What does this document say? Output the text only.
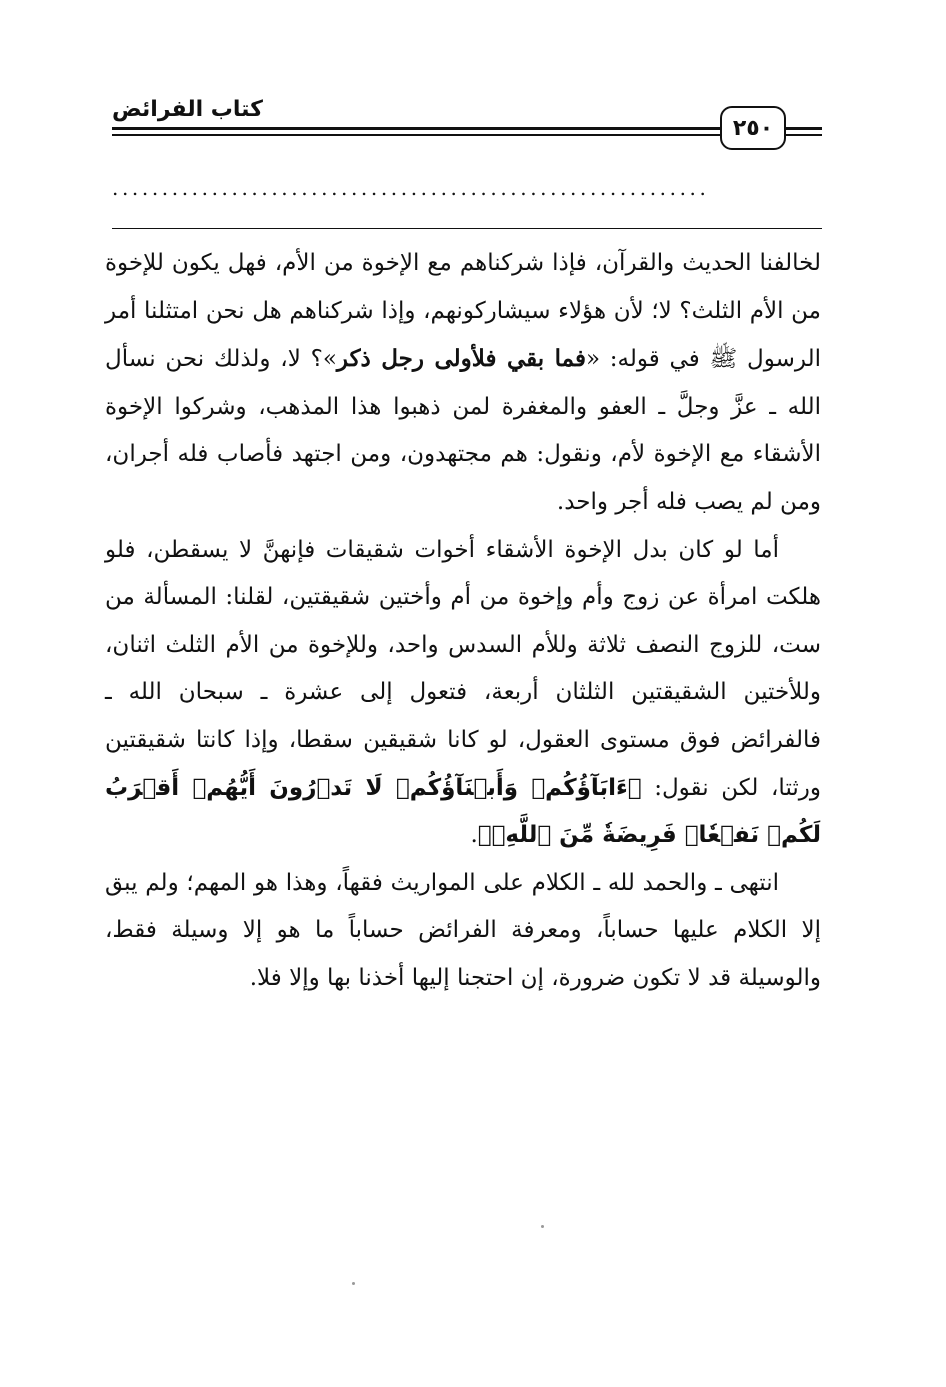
كتاب الفرائض
٢٥٠
............................................................

لخالفنا الحديث والقرآن، فإذا شركناهم مع الإخوة من الأم، فهل يكون للإخوة من الأم الثلث؟ لا؛ لأن هؤلاء سيشاركونهم، وإذا شركناهم هل نحن امتثلنا أمر الرسول ﷺ في قوله: «فما بقي فلأولى رجل ذكر»؟ لا، ولذلك نحن نسأل الله ـ عزَّ وجلَّ ـ العفو والمغفرة لمن ذهبوا هذا المذهب، وشركوا الإخوة الأشقاء مع الإخوة لأم، ونقول: هم مجتهدون، ومن اجتهد فأصاب فله أجران، ومن لم يصب فله أجر واحد.

أما لو كان بدل الإخوة الأشقاء أخوات شقيقات فإنهنَّ لا يسقطن، فلو هلكت امرأة عن زوج وأم وإخوة من أم وأختين شقيقتين، لقلنا: المسألة من ست، للزوج النصف ثلاثة وللأم السدس واحد، وللإخوة من الأم الثلث اثنان، وللأختين الشقيقتين الثلثان أربعة، فتعول إلى عشرة ـ سبحان الله ـ فالفرائض فوق مستوى العقول، لو كانا شقيقين سقطا، وإذا كانتا شقيقتين ورثتا، لكن نقول: ﴿ءَابَآؤُكُمۡ وَأَبۡنَآؤُكُمۡ لَا تَدۡرُونَ أَيُّهُمۡ أَقۡرَبُ لَكُمۡ نَفۡعٗاۚ فَرِيضَةٗ مِّنَ ٱللَّهِۗ﴾.

انتهى ـ والحمد لله ـ الكلام على المواريث فقهاً، وهذا هو المهم؛ ولم يبق إلا الكلام عليها حساباً، ومعرفة الفرائض حساباً ما هو إلا وسيلة فقط، والوسيلة قد لا تكون ضرورة، إن احتجنا إليها أخذنا بها وإلا فلا.
